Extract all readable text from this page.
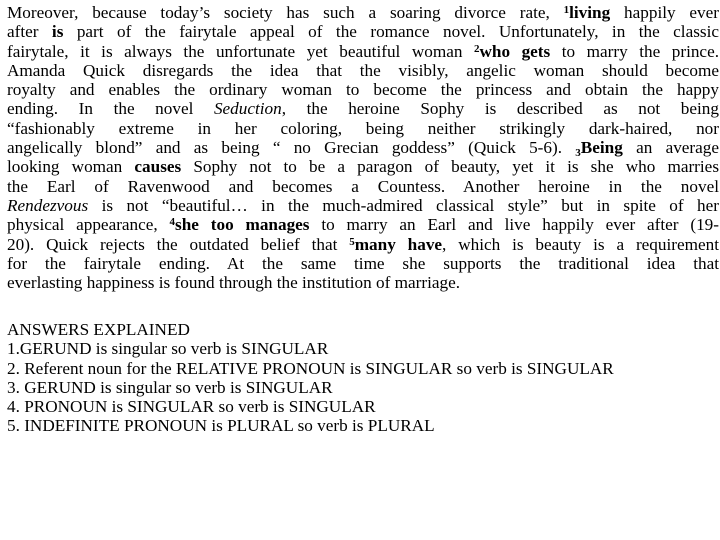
Moreover, because today’s society has such a soaring divorce rate, $^1$living happily ever
after is part of the fairytale appeal of the romance novel. Unfortunately, in the classic
fairytale, it is always the unfortunate yet beautiful woman $^2$who gets to marry the prince.
Amanda Quick disregards the idea that the visibly, angelic woman should become
royalty and enables the ordinary woman to become the princess and obtain the happy
ending. In the novel Seduction, the heroine Sophy is described as not being
“fashionably extreme in her coloring, being neither strikingly dark-haired, nor
angelically blond” and as being “ no Grecian goddess” (Quick 5-6). $_3$Being an average
looking woman causes Sophy not to be a paragon of beauty, yet it is she who marries
the Earl of Ravenwood and becomes a Countess. Another heroine in the novel
Rendezvous is not “beautiful… in the much-admired classical style” but in spite of her
physical appearance, $^4$she too manages to marry an Earl and live happily ever after (19-
20). Quick rejects the outdated belief that $^5$many have, which is beauty is a requirement
for the fairytale ending. At the same time she supports the traditional idea that
everlasting happiness is found through the institution of marriage.
ANSWERS EXPLAINED
1.GERUND is singular so verb is SINGULAR
2. Referent noun for the RELATIVE PRONOUN is SINGULAR so verb is SINGULAR
3. GERUND is singular so verb is SINGULAR
4. PRONOUN is SINGULAR so verb is SINGULAR
5. INDEFINITE PRONOUN is PLURAL so verb is PLURAL
